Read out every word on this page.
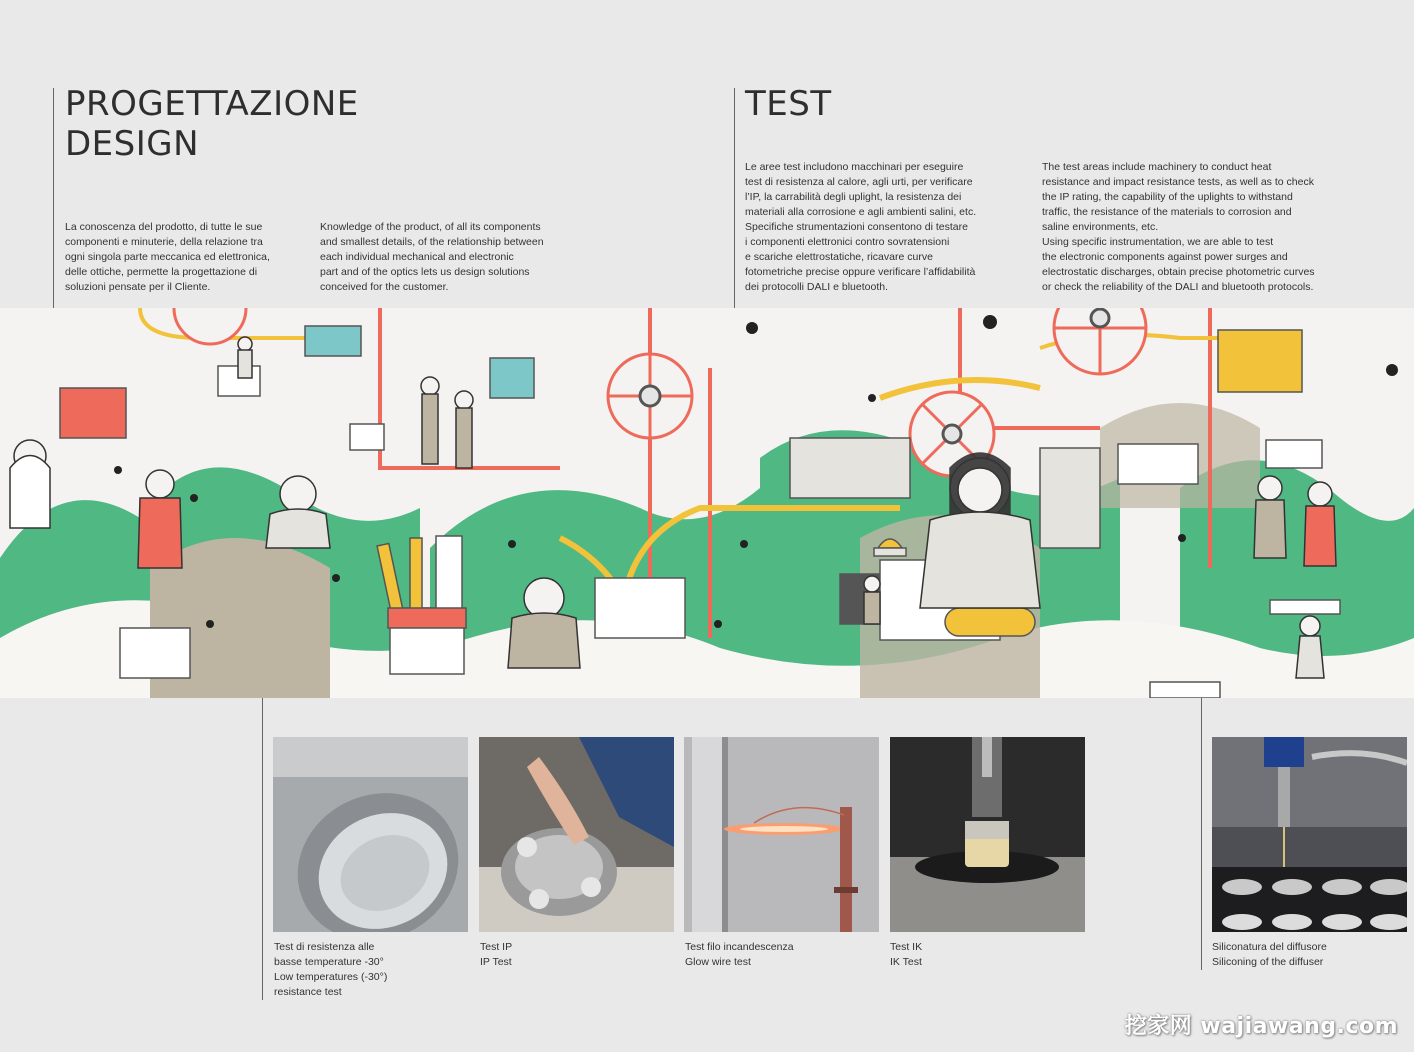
PROGETTAZIONE
DESIGN
La conoscenza del prodotto, di tutte le sue
componenti e minuterie, della relazione tra
ogni singola parte meccanica ed elettronica,
delle ottiche, permette la progettazione di
soluzioni pensate per il Cliente.
Knowledge of the product, of all its components
and smallest details, of the relationship between
each individual mechanical and electronic
part and of the optics lets us design solutions
conceived for the customer.
TEST
Le aree test includono macchinari per eseguire
test di resistenza al calore, agli urti, per verificare
l’IP, la carrabilità degli uplight, la resistenza dei
materiali alla corrosione e agli ambienti salini, etc.
Specifiche strumentazioni consentono di testare
i componenti elettronici contro sovratensioni
e scariche elettrostatiche, ricavare curve
fotometriche precise oppure verificare l’affidabilità
dei protocolli DALI e bluetooth.
The test areas include machinery to conduct heat
resistance and impact resistance tests, as well as to check
the IP rating, the capability of the uplights to withstand
traffic, the resistance of the materials to corrosion and
saline environments, etc.
Using specific instrumentation, we are able to test
the electronic components against power surges and
electrostatic discharges, obtain precise photometric curves
or check the reliability of the DALI and bluetooth protocols.
Test di resistenza alle
basse temperature -30°
Low temperatures (-30°)
resistance test
Test IP
IP Test
Test filo incandescenza
Glow wire test
Test IK
IK Test
Siliconatura del diffusore
Siliconing of the diffuser
挖家网 wajiawang.com
